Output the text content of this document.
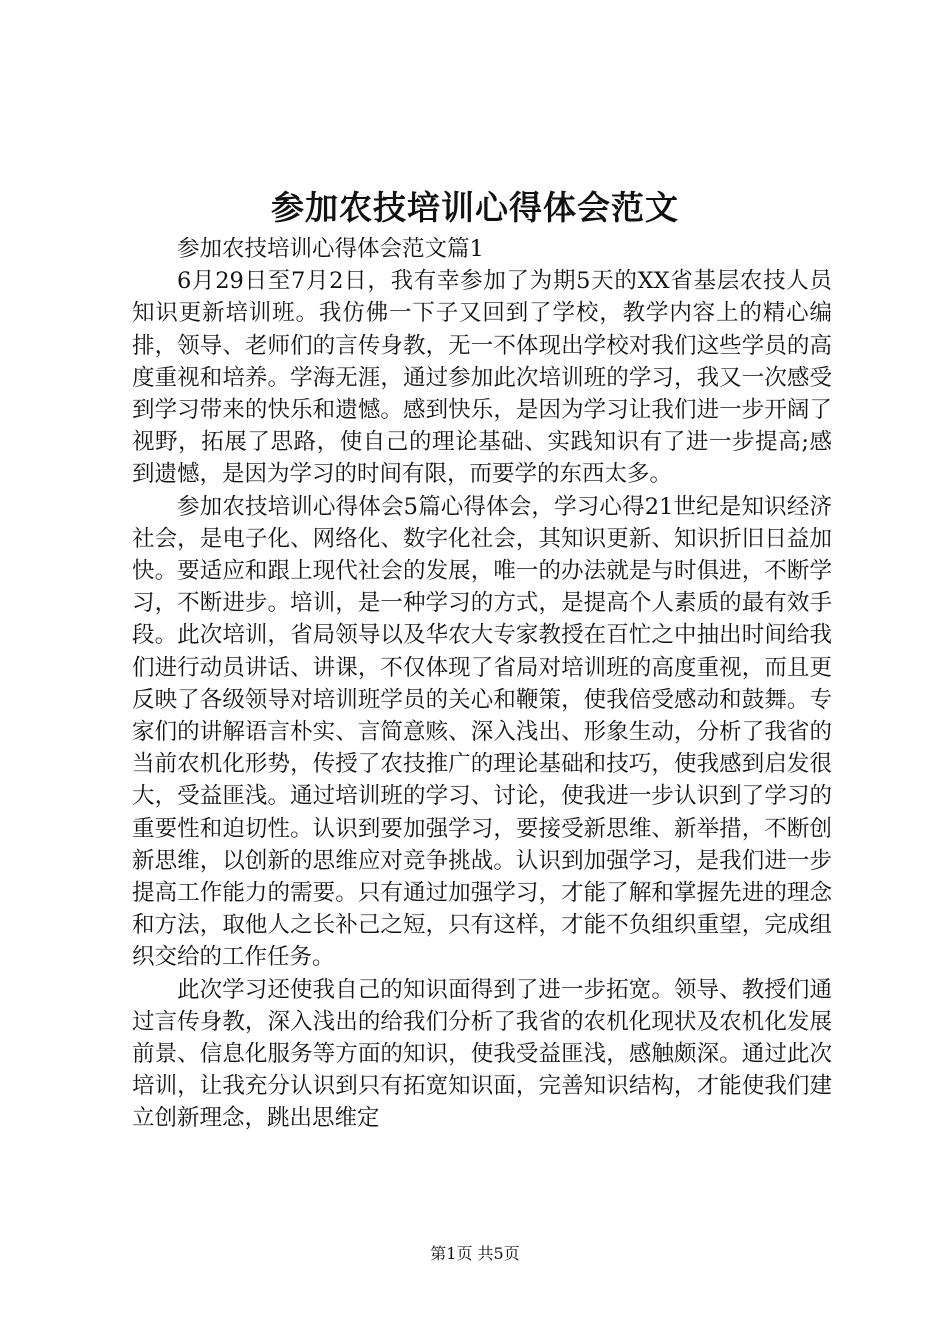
参加农技培训心得体会范文

参加农技培训心得体会范文篇1

6月29日至7月2日，我有幸参加了为期5天的XX省基层农技人员知识更新培训班。我仿佛一下子又回到了学校，教学内容上的精心编排，领导、老师们的言传身教，无一不体现出学校对我们这些学员的高度重视和培养。学海无涯，通过参加此次培训班的学习，我又一次感受到学习带来的快乐和遗憾。感到快乐，是因为学习让我们进一步开阔了视野，拓展了思路，使自己的理论基础、实践知识有了进一步提高;感到遗憾，是因为学习的时间有限，而要学的东西太多。

参加农技培训心得体会5篇心得体会，学习心得21世纪是知识经济社会，是电子化、网络化、数字化社会，其知识更新、知识折旧日益加快。要适应和跟上现代社会的发展，唯一的办法就是与时俱进，不断学习，不断进步。培训，是一种学习的方式，是提高个人素质的最有效手段。此次培训，省局领导以及华农大专家教授在百忙之中抽出时间给我们进行动员讲话、讲课，不仅体现了省局对培训班的高度重视，而且更反映了各级领导对培训班学员的关心和鞭策，使我倍受感动和鼓舞。专家们的讲解语言朴实、言简意赅、深入浅出、形象生动，分析了我省的当前农机化形势，传授了农技推广的理论基础和技巧，使我感到启发很大，受益匪浅。通过培训班的学习、讨论，使我进一步认识到了学习的重要性和迫切性。认识到要加强学习，要接受新思维、新举措，不断创新思维，以创新的思维应对竞争挑战。认识到加强学习，是我们进一步提高工作能力的需要。只有通过加强学习，才能了解和掌握先进的理念和方法，取他人之长补己之短，只有这样，才能不负组织重望，完成组织交给的工作任务。

此次学习还使我自己的知识面得到了进一步拓宽。领导、教授们通过言传身教，深入浅出的给我们分析了我省的农机化现状及农机化发展前景、信息化服务等方面的知识，使我受益匪浅，感触颇深。通过此次培训，让我充分认识到只有拓宽知识面，完善知识结构，才能使我们建立创新理念，跳出思维定

第1页 共5页
